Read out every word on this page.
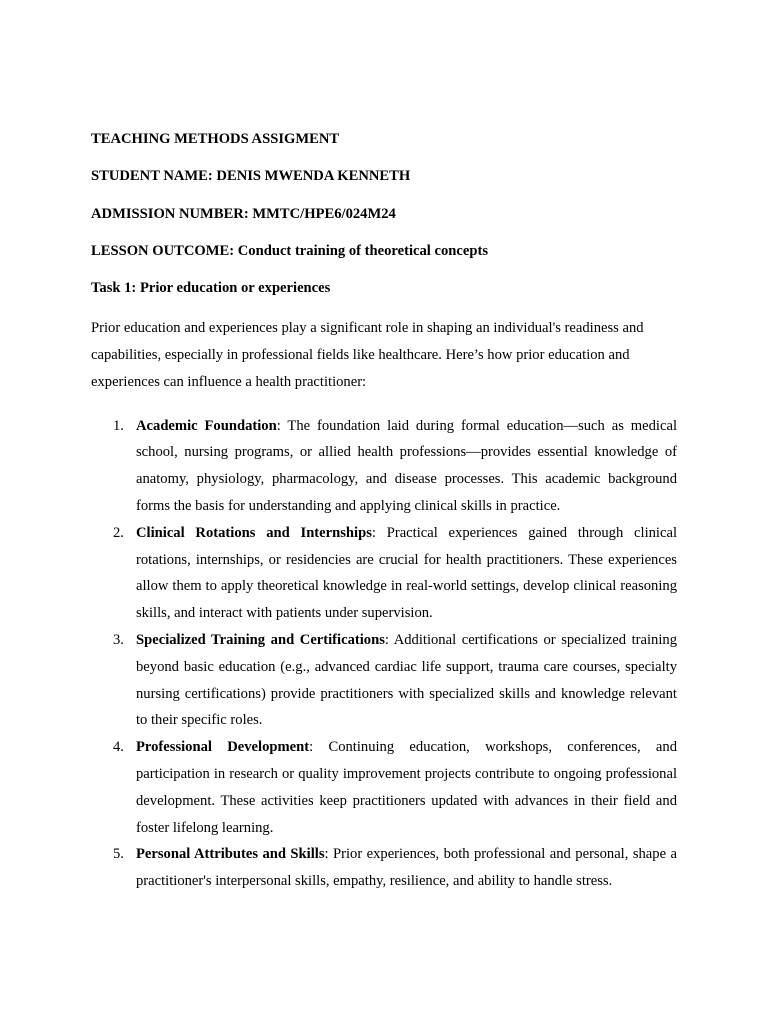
TEACHING METHODS ASSIGMENT
STUDENT NAME: DENIS MWENDA KENNETH
ADMISSION NUMBER: MMTC/HPE6/024M24
LESSON OUTCOME: Conduct training of theoretical concepts
Task 1: Prior education or experiences

Prior education and experiences play a significant role in shaping an individual's readiness and capabilities, especially in professional fields like healthcare. Here’s how prior education and experiences can influence a health practitioner:

1. Academic Foundation: The foundation laid during formal education—such as medical school, nursing programs, or allied health professions—provides essential knowledge of anatomy, physiology, pharmacology, and disease processes. This academic background forms the basis for understanding and applying clinical skills in practice.
2. Clinical Rotations and Internships: Practical experiences gained through clinical rotations, internships, or residencies are crucial for health practitioners. These experiences allow them to apply theoretical knowledge in real-world settings, develop clinical reasoning skills, and interact with patients under supervision.
3. Specialized Training and Certifications: Additional certifications or specialized training beyond basic education (e.g., advanced cardiac life support, trauma care courses, specialty nursing certifications) provide practitioners with specialized skills and knowledge relevant to their specific roles.
4. Professional Development: Continuing education, workshops, conferences, and participation in research or quality improvement projects contribute to ongoing professional development. These activities keep practitioners updated with advances in their field and foster lifelong learning.
5. Personal Attributes and Skills: Prior experiences, both professional and personal, shape a practitioner's interpersonal skills, empathy, resilience, and ability to handle stress.
